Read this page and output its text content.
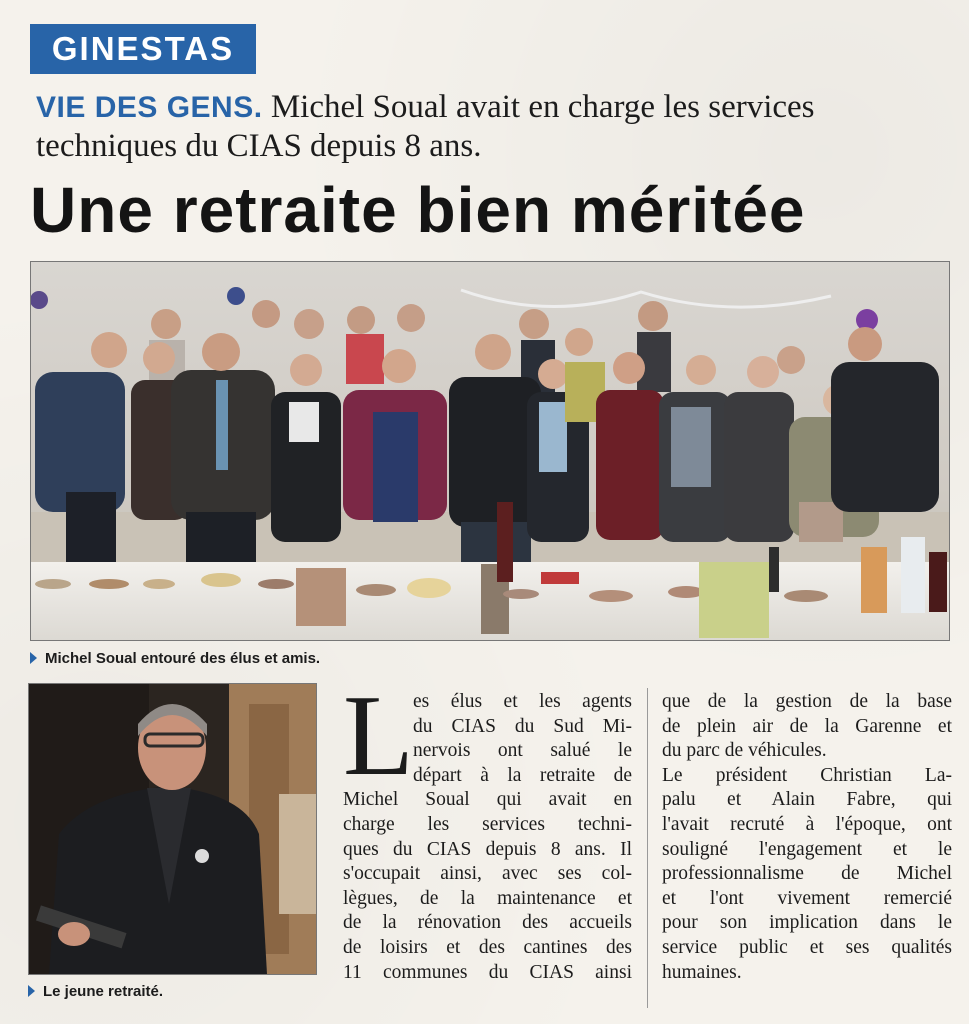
GINESTAS
VIE DES GENS. Michel Soual avait en charge les services techniques du CIAS depuis 8 ans.
Une retraite bien méritée
Michel Soual entouré des élus et amis.
Le jeune retraité.
L es élus et les agents

du CIAS du Sud Mi-

nervois ont salué le

départ à la retraite de

Michel Soual qui avait en

charge les services techni-

ques du CIAS depuis 8 ans. Il

s'occupait ainsi, avec ses col-

lègues, de la maintenance et

de la rénovation des accueils

de loisirs et des cantines des

11 communes du CIAS ainsi

que de la gestion de la base

de plein air de la Garenne et

du parc de véhicules.

Le président Christian La-

palu et Alain Fabre, qui

l'avait recruté à l'époque, ont

souligné l'engagement et le

professionnalisme de Michel

et l'ont vivement remercié

pour son implication dans le

service public et ses qualités

humaines.
